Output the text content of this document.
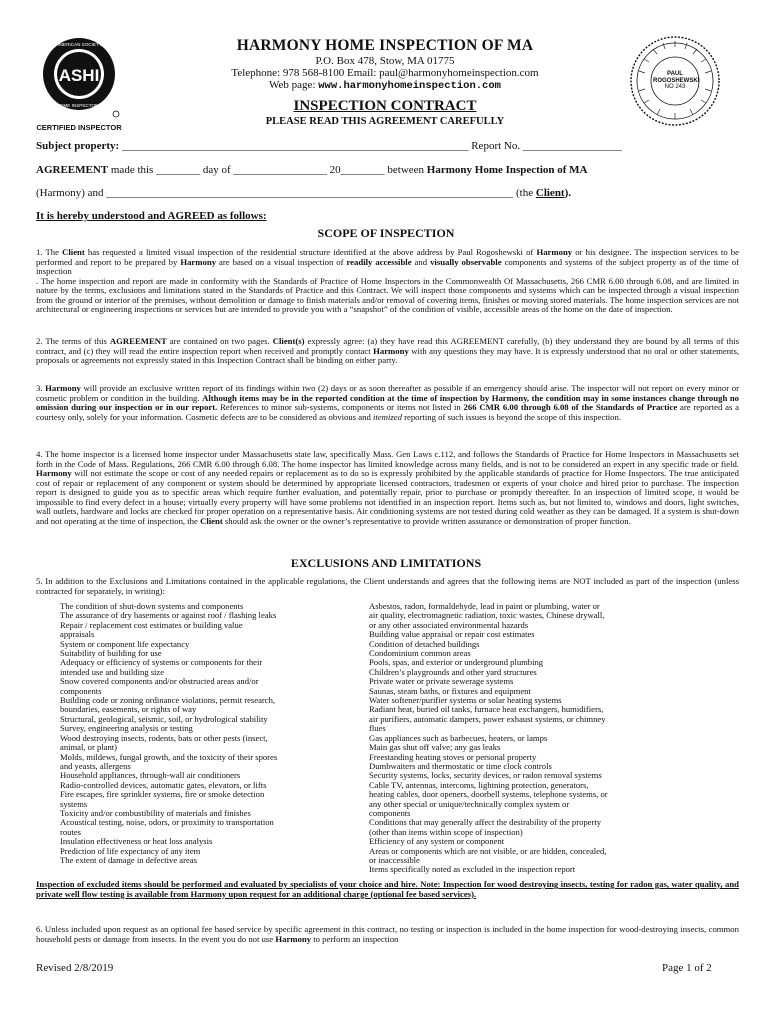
ASHI
AMERICAN SOCIETY
HOME INSPECTORS
CERTIFIED INSPECTOR
PAUL
ROGOSHEWSKI
NO 243
HARMONY HOME INSPECTION OF MA
P.O. Box 478, Stow, MA 01775
Telephone: 978 568-8100 Email: paul@harmonyhomeinspection.com
Web page: www.harmonyhomeinspection.com
INSPECTION CONTRACT
PLEASE READ THIS AGREEMENT CAREFULLY
Subject property: _______________________________________________________________ Report No. __________________
AGREEMENT made this ________ day of _________________ 20________ between Harmony Home Inspection of MA
(Harmony) and __________________________________________________________________________ (the Client).
It is hereby understood and AGREED as follows:
SCOPE OF INSPECTION
1. The Client has requested a limited visual inspection of the residential structure identified at the above address by Paul Rogoshewski of Harmony or his designee. The inspection services to be performed and report to be prepared by Harmony are based on a visual inspection of readily accessible and visually observable components and systems of the subject property as of the time of inspection
. The home inspection and report are made in conformity with the Standards of Practice of Home Inspectors in the Commonwealth Of Massachusetts, 266 CMR 6.00 through 6.08, and are limited in nature by the terms, exclusions and limitations stated in the Standards of Practice and this Contract. We will inspect those components and systems which can be inspected through a visual inspection from the ground or interior of the premises, without demolition or damage to finish materials and/or removal of covering items, finishes or moving stored materials. The home inspection services are not architectural or engineering inspections or services but are intended to provide you with a “snapshot” of the condition of visible, accessible areas of the home on the date of inspection.
2. The terms of this AGREEMENT are contained on two pages. Client(s) expressly agree: (a) they have read this AGREEMENT carefully, (b) they understand they are bound by all terms of this contract, and (c) they will read the entire inspection report when received and promptly contact Harmony with any questions they may have. It is expressly understood that no oral or other statements, proposals or agreements not expressly stated in this Inspection Contract shall be binding on either party.
3. Harmony will provide an exclusive written report of its findings within two (2) days or as soon thereafter as possible if an emergency should arise. The inspector will not report on every minor or cosmetic problem or condition in the building. Although items may be in the reported condition at the time of inspection by Harmony, the condition may in some instances change through no omission during our inspection or in our report. References to minor sub-systems, components or items not listed in 266 CMR 6.00 through 6.08 of the Standards of Practice are reported as a courtesy only, solely for your information. Cosmetic defects are to be considered as obvious and itemized reporting of such issues is beyond the scope of this inspection.
4. The home inspector is a licensed home inspector under Massachusetts state law, specifically Mass. Gen Laws c.112, and follows the Standards of Practice for Home Inspectors in Massachusetts set forth in the Code of Mass. Regulations, 266 CMR 6.00 through 6.08. The home inspector has limited knowledge across many fields, and is not to be considered an expert in any specific trade or field. Harmony will not estimate the scope or cost of any needed repairs or replacement as to do so is expressly prohibited by the applicable standards of practice for Home Inspectors. The true anticipated cost of repair or replacement of any component or system should be determined by appropriate licensed contractors, tradesmen or experts of your choice and hired prior to purchase. The inspection report is designed to guide you as to specific areas which require further evaluation, and potentially repair, prior to purchase or promptly thereafter. In an inspection of limited scope, it would be impossible to find every defect in a house; virtually every property will have some problems not identified in an inspection report. Items such as, but not limited to, windows and doors, light switches, wall outlets, hardware and locks are checked for proper operation on a representative basis. Air conditioning systems are not tested during cold weather as they can be damaged. If a system is shut-down and not operating at the time of inspection, the Client should ask the owner or the owner’s representative to provide written assurance or demonstration of proper function.
EXCLUSIONS AND LIMITATIONS
5. In addition to the Exclusions and Limitations contained in the applicable regulations, the Client understands and agrees that the following items are NOT included as part of the inspection (unless contracted for separately, in writing):
The condition of shut-down systems and components
The assurance of dry basements or against roof / flashing leaks
Repair / replacement cost estimates or building value
appraisals
System or component life expectancy
Suitability of building for use
Adequacy or efficiency of systems or components for their
intended use and building size
Snow covered components and/or obstructed areas and/or
components
Building code or zoning ordinance violations, permit research,
boundaries, easements, or rights of way
Structural, geological, seismic, soil, or hydrological stability
Survey, engineering analysis or testing
Wood destroying insects, rodents, bats or other pests (insect,
animal, or plant)
Molds, mildews, fungal growth, and the toxicity of their spores
and yeasts, allergens
Household appliances, through-wall air conditioners
Radio-controlled devices, automatic gates, elevators, or lifts
Fire escapes, fire sprinkler systems, fire or smoke detection
systems
Toxicity and/or combustibility of materials and finishes
Acoustical testing, noise, odors, or proximity to transportation
routes
Insulation effectiveness or heat loss analysis
Prediction of life expectancy of any item
The extent of damage in defective areas
Asbestos, radon, formaldehyde, lead in paint or plumbing, water or
air quality, electromagnetic radiation, toxic wastes, Chinese drywall,
or any other associated environmental hazards
Building value appraisal or repair cost estimates
Condition of detached buildings
Condominium common areas
Pools, spas, and exterior or underground plumbing
Children’s playgrounds and other yard structures
Private water or private sewerage systems
Saunas, steam baths, or fixtures and equipment
Water softener/purifier systems or solar heating systems
Radiant heat, buried oil tanks, furnace heat exchangers, humidifiers,
air purifiers, automatic dampers, power exhaust systems, or chimney
flues
Gas appliances such as barbecues, heaters, or lamps
Main gas shut off valve; any gas leaks
Freestanding heating stoves or personal property
Dumbwaiters and thermostatic or time clock controls
Security systems, locks, security devices, or radon removal systems
Cable TV, antennas, intercoms, lightning protection, generators,
heating cables, door openers, doorbell systems, telephone systems, or
any other special or unique/technically complex system or
components
Conditions that may generally affect the desirability of the property
(other than items within scope of inspection)
Efficiency of any system or component
Areas or components which are not visible, or are hidden, concealed,
or inaccessible
Items specifically noted as excluded in the inspection report
Inspection of excluded items should be performed and evaluated by specialists of your choice and hire. Note: Inspection for wood destroying insects, testing for radon gas, water quality, and private well flow testing is available from Harmony upon request for an additional charge (optional fee based services).
6. Unless included upon request as an optional fee based service by specific agreement in this contract, no testing or inspection is included in the home inspection for wood-destroying insects, common household pests or damage from insects. In the event you do not use Harmony to perform an inspection
Revised 2/8/2019	Page 1 of 2
